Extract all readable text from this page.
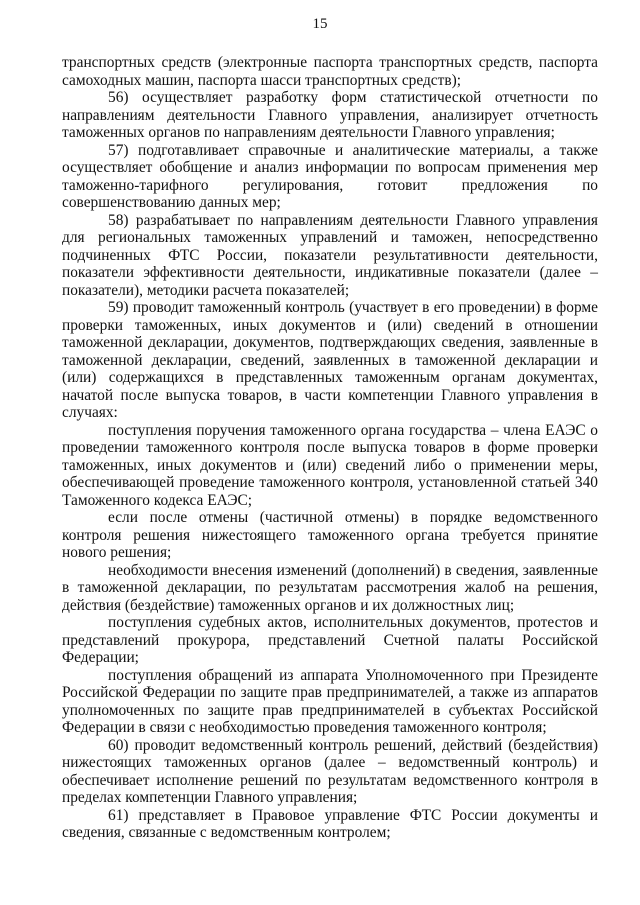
15

транспортных средств (электронные паспорта транспортных средств, паспорта самоходных машин, паспорта шасси транспортных средств);

56) осуществляет разработку форм статистической отчетности по направлениям деятельности Главного управления, анализирует отчетность таможенных органов по направлениям деятельности Главного управления;

57) подготавливает справочные и аналитические материалы, а также осуществляет обобщение и анализ информации по вопросам применения мер таможенно-тарифного регулирования, готовит предложения по совершенствованию данных мер;

58) разрабатывает по направлениям деятельности Главного управления для региональных таможенных управлений и таможен, непосредственно подчиненных ФТС России, показатели результативности деятельности, показатели эффективности деятельности, индикативные показатели (далее – показатели), методики расчета показателей;

59) проводит таможенный контроль (участвует в его проведении) в форме проверки таможенных, иных документов и (или) сведений в отношении таможенной декларации, документов, подтверждающих сведения, заявленные в таможенной декларации, сведений, заявленных в таможенной декларации и (или) содержащихся в представленных таможенным органам документах, начатой после выпуска товаров, в части компетенции Главного управления в случаях:

поступления поручения таможенного органа государства – члена ЕАЭС о проведении таможенного контроля после выпуска товаров в форме проверки таможенных, иных документов и (или) сведений либо о применении меры, обеспечивающей проведение таможенного контроля, установленной статьей 340 Таможенного кодекса ЕАЭС;

если после отмены (частичной отмены) в порядке ведомственного контроля решения нижестоящего таможенного органа требуется принятие нового решения;

необходимости внесения изменений (дополнений) в сведения, заявленные в таможенной декларации, по результатам рассмотрения жалоб на решения, действия (бездействие) таможенных органов и их должностных лиц;

поступления судебных актов, исполнительных документов, протестов и представлений прокурора, представлений Счетной палаты Российской Федерации;

поступления обращений из аппарата Уполномоченного при Президенте Российской Федерации по защите прав предпринимателей, а также из аппаратов уполномоченных по защите прав предпринимателей в субъектах Российской Федерации в связи с необходимостью проведения таможенного контроля;

60) проводит ведомственный контроль решений, действий (бездействия) нижестоящих таможенных органов (далее – ведомственный контроль) и обеспечивает исполнение решений по результатам ведомственного контроля в пределах компетенции Главного управления;

61) представляет в Правовое управление ФТС России документы и сведения, связанные с ведомственным контролем;
